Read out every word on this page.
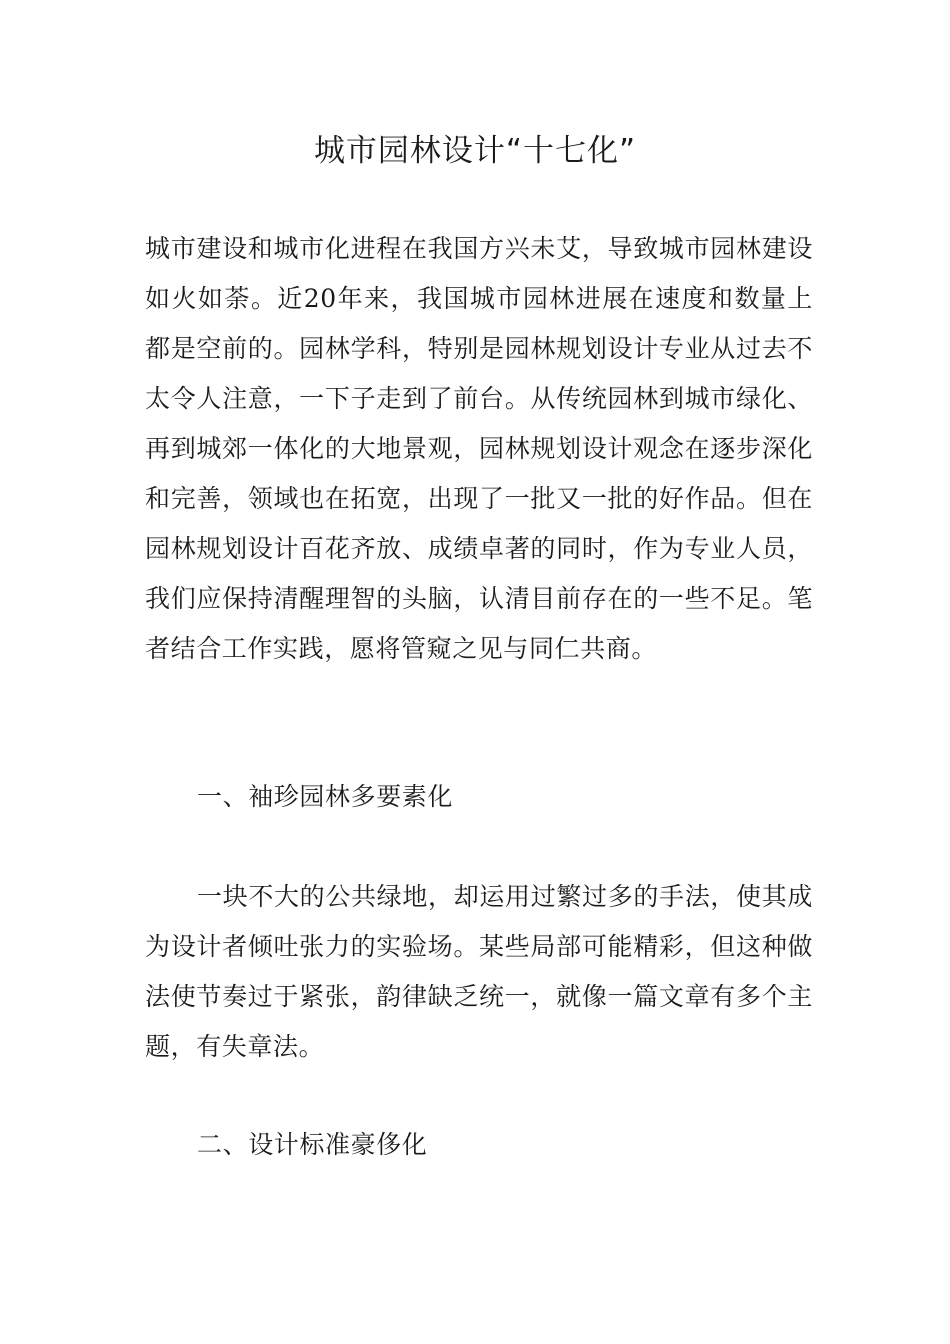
城市园林设计“十七化”

城市建设和城市化进程在我国方兴未艾，导致城市园林建设如火如荼。近20年来，我国城市园林进展在速度和数量上都是空前的。园林学科，特别是园林规划设计专业从过去不太令人注意，一下子走到了前台。从传统园林到城市绿化、再到城郊一体化的大地景观，园林规划设计观念在逐步深化和完善，领域也在拓宽，出现了一批又一批的好作品。但在园林规划设计百花齐放、成绩卓著的同时，作为专业人员，我们应保持清醒理智的头脑，认清目前存在的一些不足。笔者结合工作实践，愿将管窥之见与同仁共商。

一、袖珍园林多要素化

一块不大的公共绿地，却运用过繁过多的手法，使其成为设计者倾吐张力的实验场。某些局部可能精彩，但这种做法使节奏过于紧张，韵律缺乏统一，就像一篇文章有多个主题，有失章法。

二、设计标准豪侈化
